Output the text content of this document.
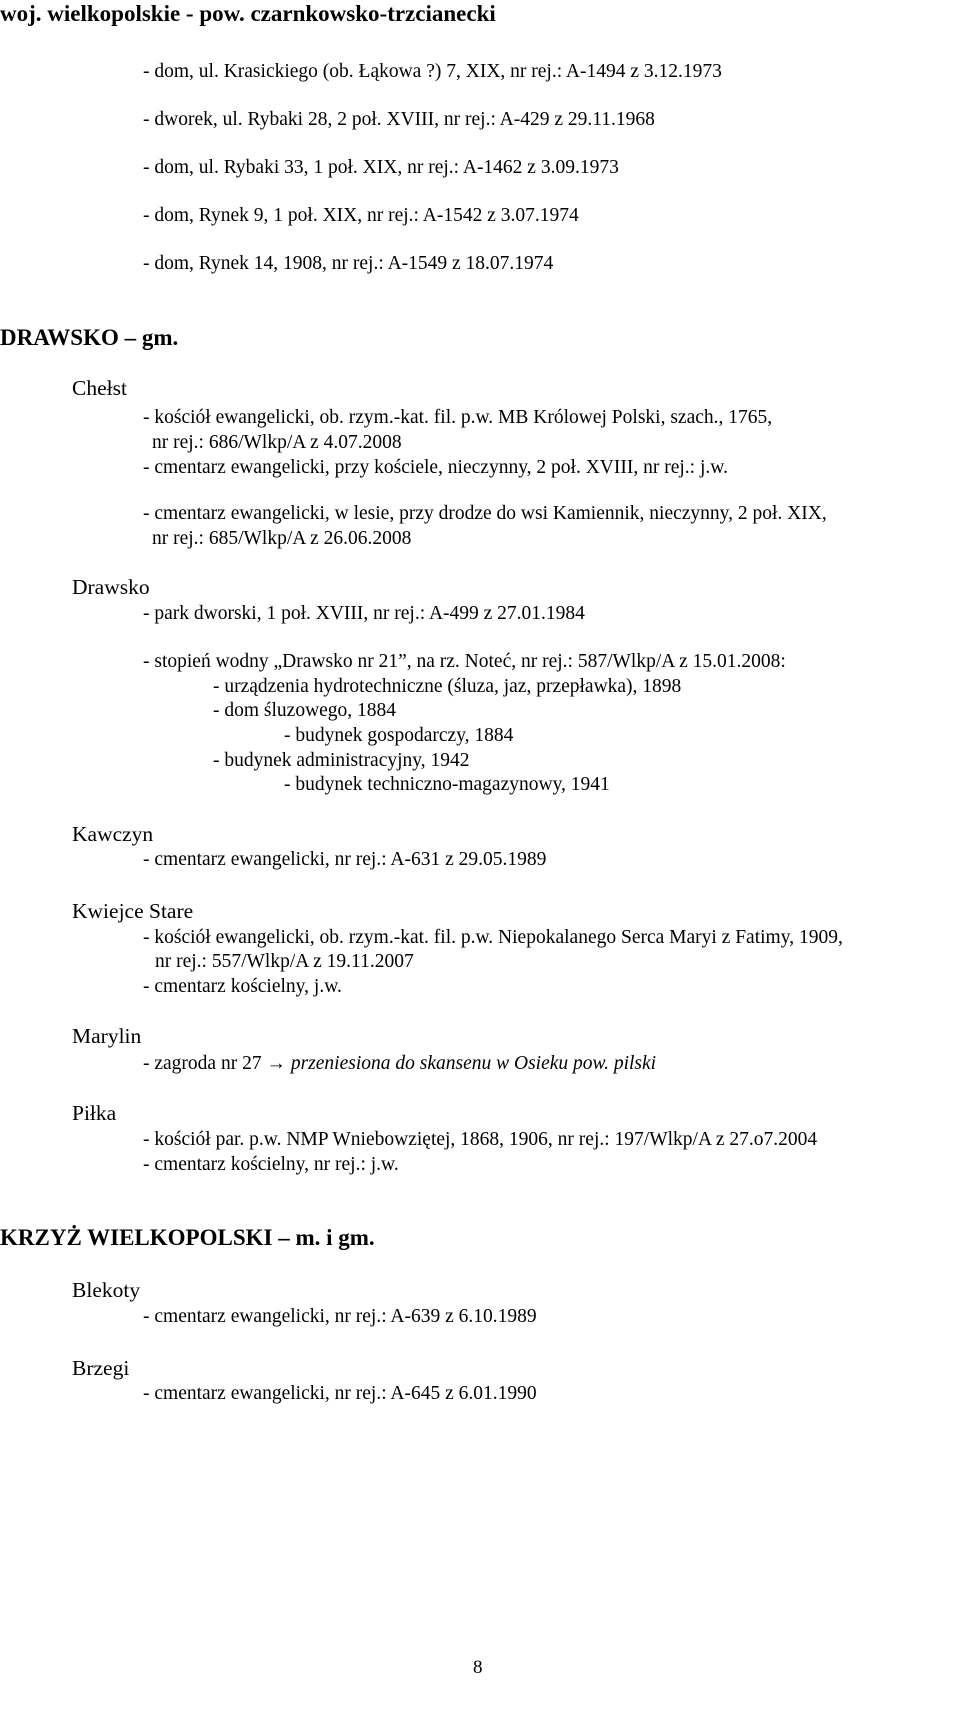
woj. wielkopolskie - pow. czarnkowsko-trzcianecki
- dom, ul. Krasickiego (ob. Łąkowa ?) 7, XIX, nr rej.: A-1494 z 3.12.1973
- dworek, ul. Rybaki 28, 2 poł. XVIII, nr rej.: A-429 z 29.11.1968
- dom, ul. Rybaki 33, 1 poł. XIX, nr rej.: A-1462 z 3.09.1973
- dom, Rynek 9, 1 poł. XIX, nr rej.: A-1542 z 3.07.1974
- dom, Rynek 14, 1908, nr rej.: A-1549 z 18.07.1974
DRAWSKO – gm.
Chełst
- kościół ewangelicki, ob. rzym.-kat. fil. p.w. MB Królowej Polski, szach., 1765,
nr rej.: 686/Wlkp/A z 4.07.2008
- cmentarz ewangelicki, przy kościele, nieczynny, 2 poł. XVIII, nr rej.: j.w.
- cmentarz ewangelicki, w lesie, przy drodze do wsi Kamiennik, nieczynny, 2 poł. XIX,
nr rej.: 685/Wlkp/A z 26.06.2008
Drawsko
- park dworski, 1 poł. XVIII, nr rej.: A-499 z 27.01.1984
- stopień wodny „Drawsko nr 21”, na rz. Noteć, nr rej.: 587/Wlkp/A z 15.01.2008:
- urządzenia hydrotechniczne (śluza, jaz, przepławka), 1898
- dom śluzowego, 1884
- budynek gospodarczy, 1884
- budynek administracyjny, 1942
- budynek techniczno-magazynowy, 1941
Kawczyn
- cmentarz ewangelicki, nr rej.: A-631 z 29.05.1989
Kwiejce Stare
- kościół ewangelicki, ob. rzym.-kat. fil. p.w. Niepokalanego Serca Maryi z Fatimy, 1909,
nr rej.: 557/Wlkp/A z 19.11.2007
- cmentarz kościelny, j.w.
Marylin
- zagroda nr 27 → przeniesiona do skansenu w Osieku pow. pilski
Piłka
- kościół par. p.w. NMP Wniebowziętej, 1868, 1906, nr rej.: 197/Wlkp/A z 27.o7.2004
- cmentarz kościelny, nr rej.: j.w.
KRZYŻ WIELKOPOLSKI – m. i gm.
Blekoty
- cmentarz ewangelicki, nr rej.: A-639 z 6.10.1989
Brzegi
- cmentarz ewangelicki, nr rej.: A-645 z 6.01.1990
8
